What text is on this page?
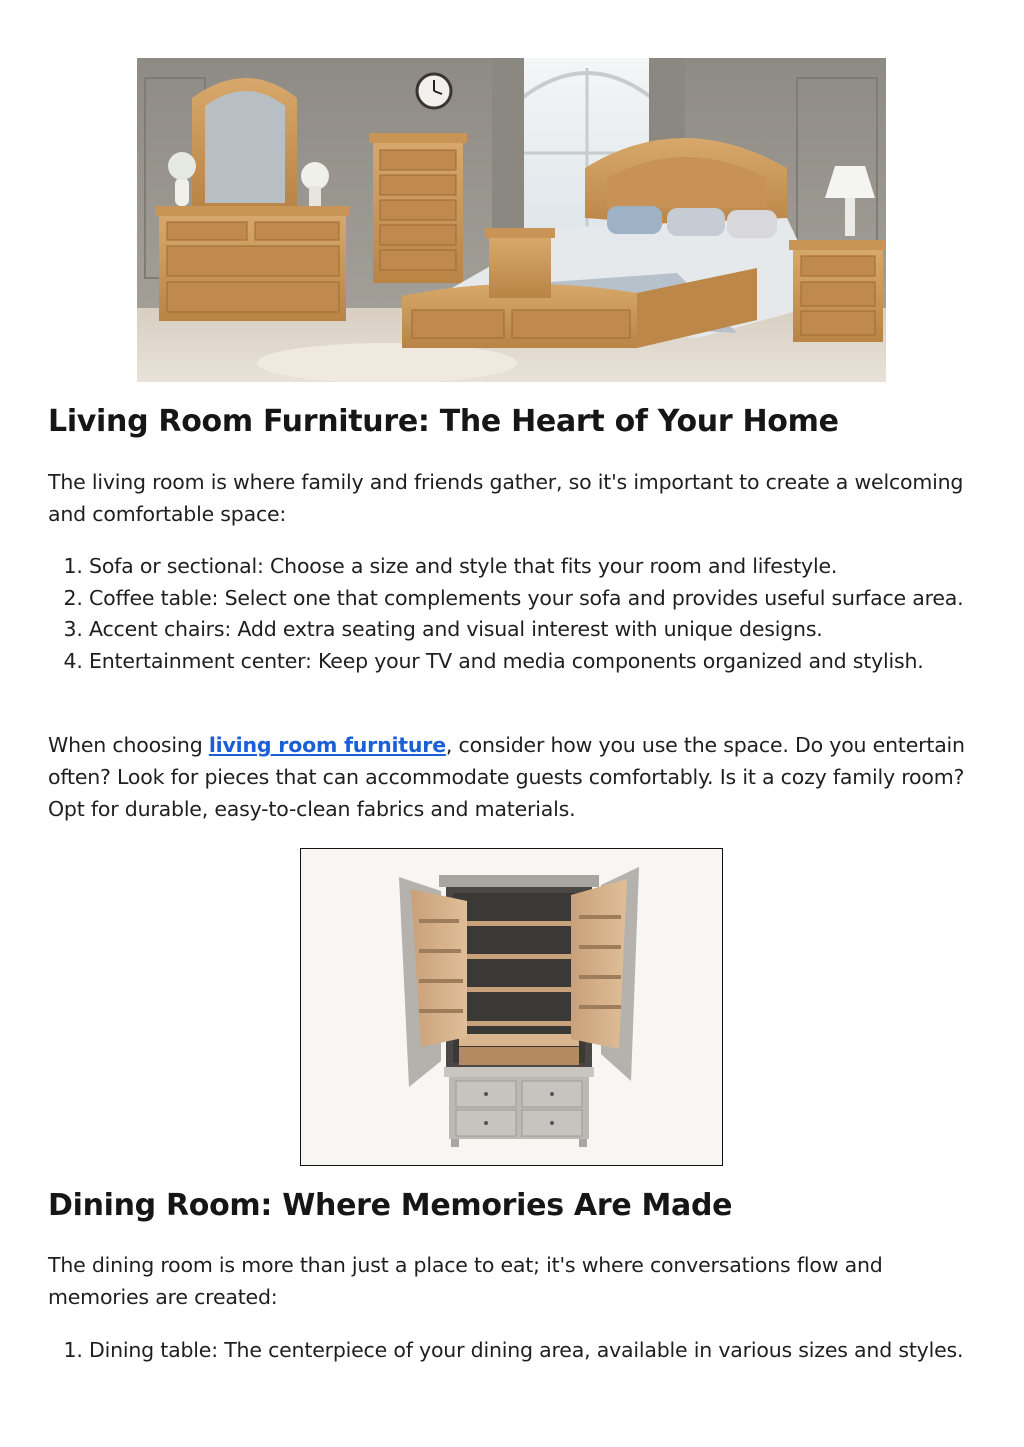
Living Room Furniture: The Heart of Your Home

The living room is where family and friends gather, so it's important to create a welcoming and comfortable space:

1. Sofa or sectional: Choose a size and style that fits your room and lifestyle.
2. Coffee table: Select one that complements your sofa and provides useful surface area.
3. Accent chairs: Add extra seating and visual interest with unique designs.
4. Entertainment center: Keep your TV and media components organized and stylish.

When choosing living room furniture, consider how you use the space. Do you entertain often? Look for pieces that can accommodate guests comfortably. Is it a cozy family room? Opt for durable, easy-to-clean fabrics and materials.

Dining Room: Where Memories Are Made

The dining room is more than just a place to eat; it's where conversations flow and memories are created:

1. Dining table: The centerpiece of your dining area, available in various sizes and styles.
